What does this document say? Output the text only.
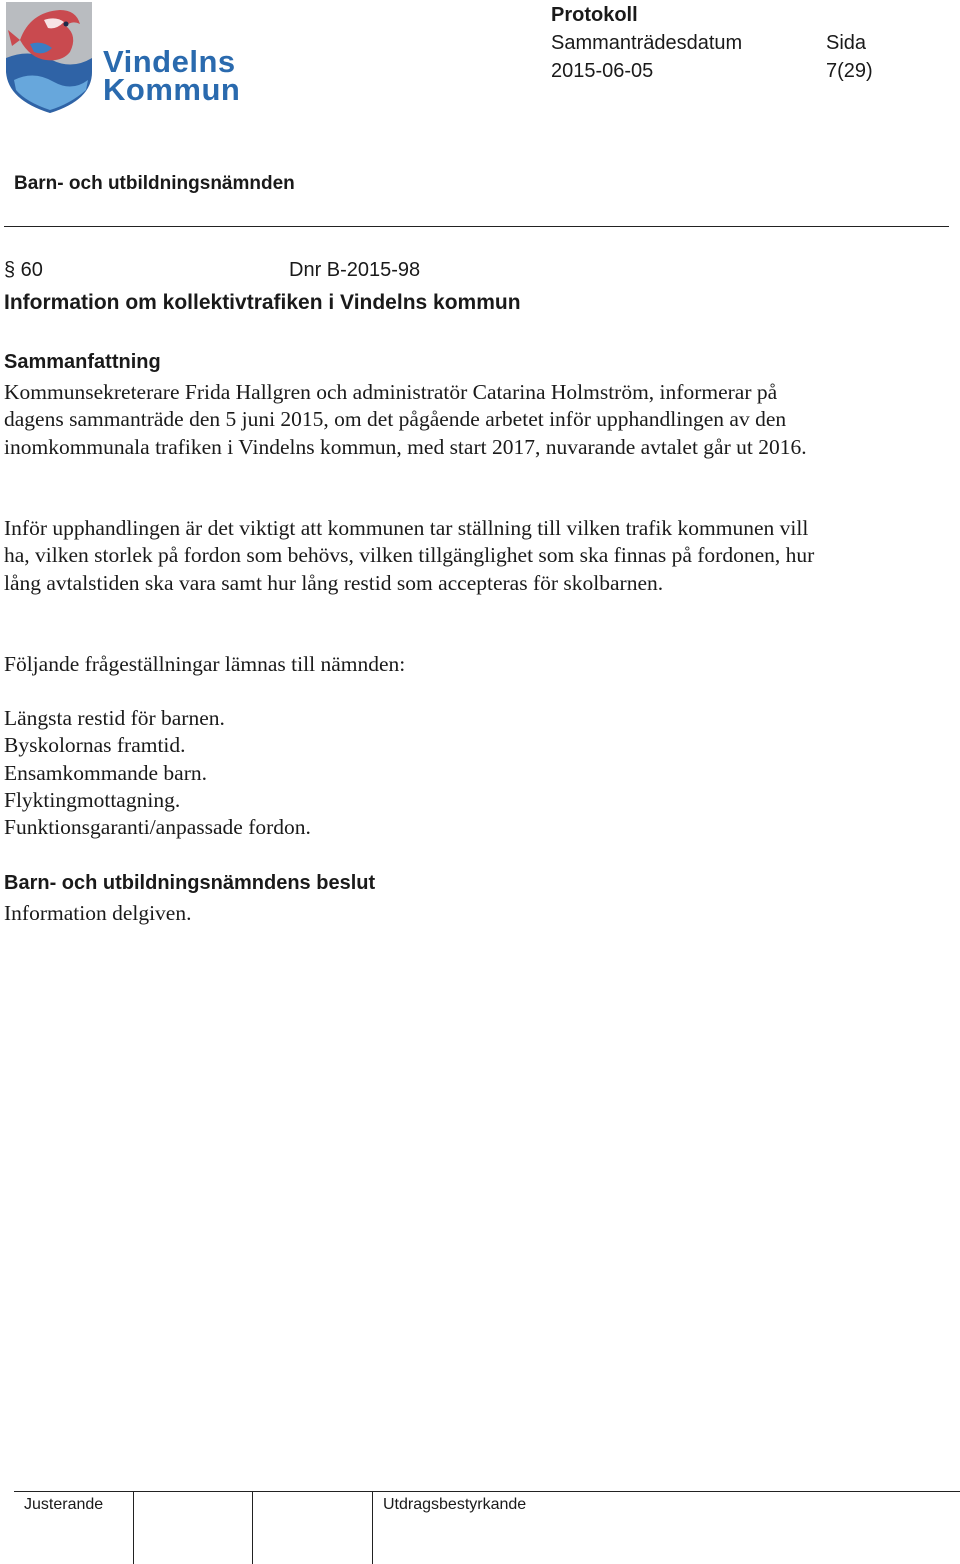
Vindelns
Kommun
Protokoll
Sammanträdesdatum
2015-06-05
Sida
7(29)
Barn- och utbildningsnämnden
§ 60	Dnr B-2015-98
Information om kollektivtrafiken i Vindelns kommun
Sammanfattning
Kommunsekreterare Frida Hallgren och administratör Catarina Holmström, informerar på dagens sammanträde den 5 juni 2015, om det pågående arbetet inför upphandlingen av den inomkommunala trafiken i Vindelns kommun, med start 2017, nuvarande avtalet går ut 2016.
Inför upphandlingen är det viktigt att kommunen tar ställning till vilken trafik kommunen vill ha, vilken storlek på fordon som behövs, vilken tillgänglighet som ska finnas på fordonen, hur lång avtalstiden ska vara samt hur lång restid som accepteras för skolbarnen.
Följande frågeställningar lämnas till nämnden:
Längsta restid för barnen.
Byskolornas framtid.
Ensamkommande barn.
Flyktingmottagning.
Funktionsgaranti/anpassade fordon.
Barn- och utbildningsnämndens beslut
Information delgiven.
Justerande	Utdragsbestyrkande
